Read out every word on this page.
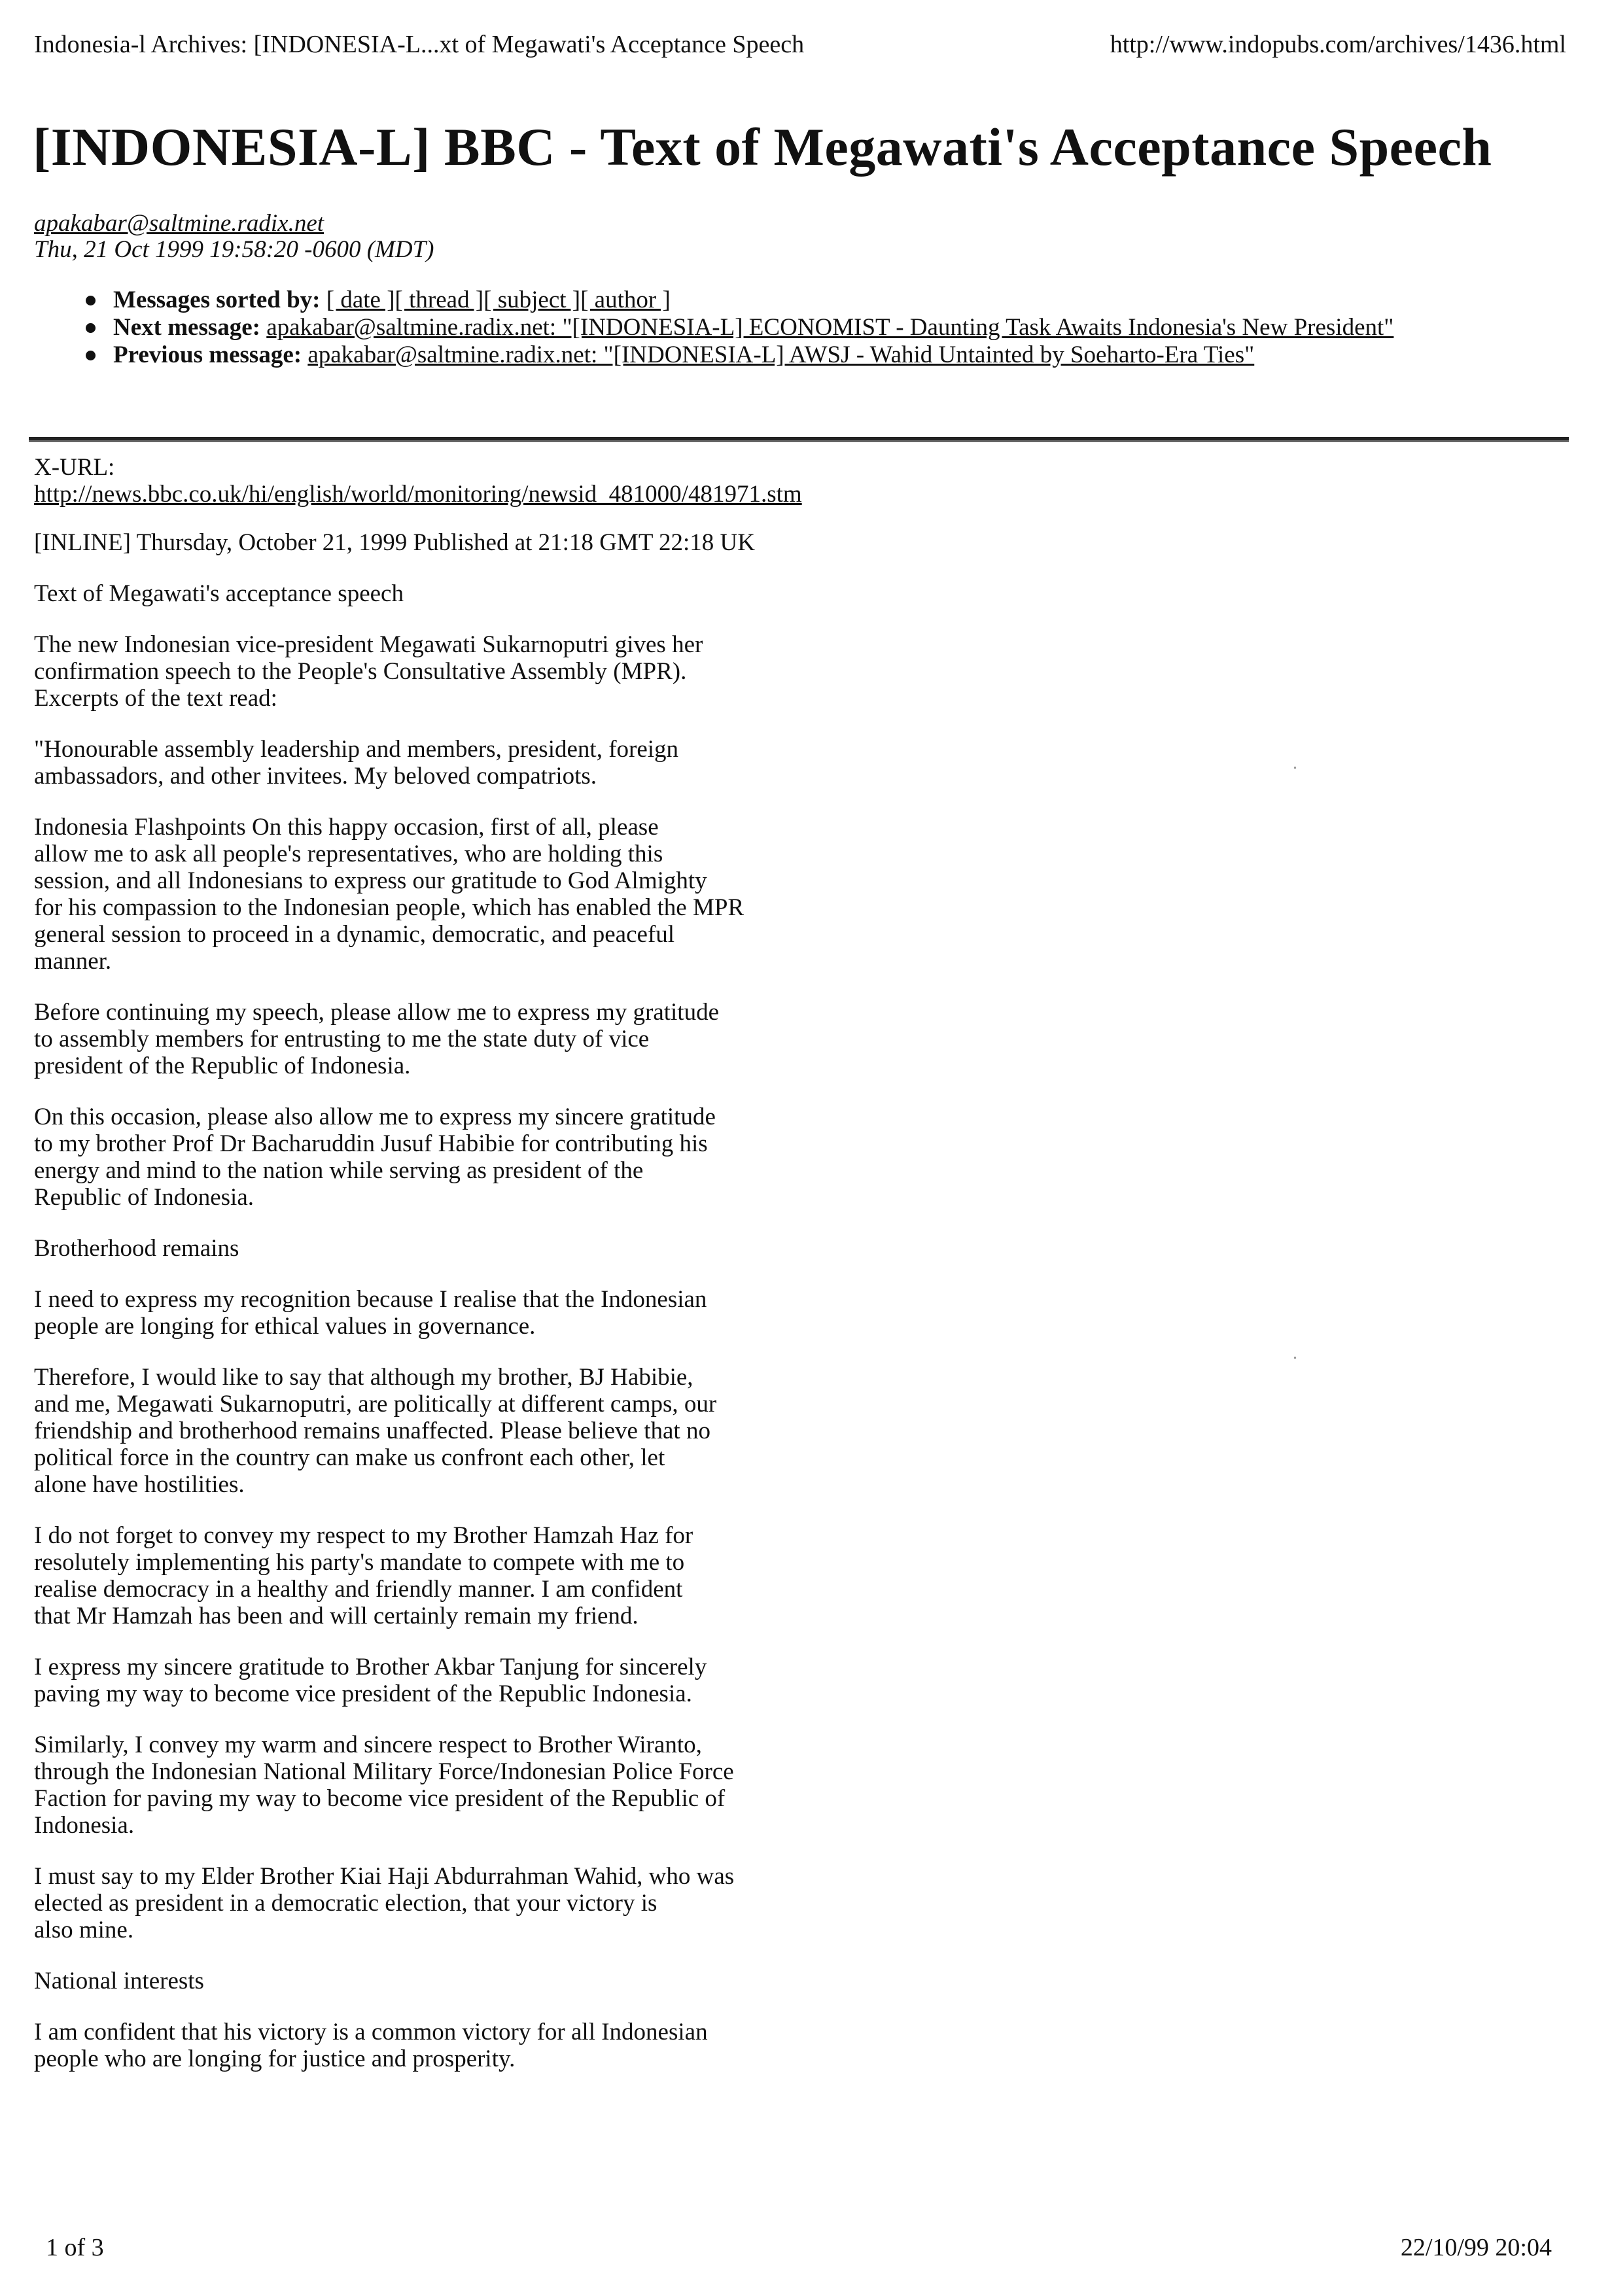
Indonesia-l Archives: [INDONESIA-L...xt of Megawati's Acceptance Speech	http://www.indopubs.com/archives/1436.html
[INDONESIA-L] BBC - Text of Megawati's Acceptance Speech
apakabar@saltmine.radix.net
Thu, 21 Oct 1999 19:58:20 -0600 (MDT)
Messages sorted by: [ date ][ thread ][ subject ][ author ]
Next message: apakabar@saltmine.radix.net: "[INDONESIA-L] ECONOMIST - Daunting Task Awaits Indonesia's New President"
Previous message: apakabar@saltmine.radix.net: "[INDONESIA-L] AWSJ - Wahid Untainted by Soeharto-Era Ties"

X-URL: http://news.bbc.co.uk/hi/english/world/monitoring/newsid_481000/481971.stm

[INLINE] Thursday, October 21, 1999 Published at 21:18 GMT 22:18 UK

Text of Megawati's acceptance speech

The new Indonesian vice-president Megawati Sukarnoputri gives her
confirmation speech to the People's Consultative Assembly (MPR).
Excerpts of the text read:

"Honourable assembly leadership and members, president, foreign
ambassadors, and other invitees. My beloved compatriots.

Indonesia Flashpoints On this happy occasion, first of all, please
allow me to ask all people's representatives, who are holding this
session, and all Indonesians to express our gratitude to God Almighty
for his compassion to the Indonesian people, which has enabled the MPR
general session to proceed in a dynamic, democratic, and peaceful
manner.

Before continuing my speech, please allow me to express my gratitude
to assembly members for entrusting to me the state duty of vice
president of the Republic of Indonesia.

On this occasion, please also allow me to express my sincere gratitude
to my brother Prof Dr Bacharuddin Jusuf Habibie for contributing his
energy and mind to the nation while serving as president of the
Republic of Indonesia.

Brotherhood remains

I need to express my recognition because I realise that the Indonesian
people are longing for ethical values in governance.

Therefore, I would like to say that although my brother, BJ Habibie,
and me, Megawati Sukarnoputri, are politically at different camps, our
friendship and brotherhood remains unaffected. Please believe that no
political force in the country can make us confront each other, let
alone have hostilities.

I do not forget to convey my respect to my Brother Hamzah Haz for
resolutely implementing his party's mandate to compete with me to
realise democracy in a healthy and friendly manner. I am confident
that Mr Hamzah has been and will certainly remain my friend.

I express my sincere gratitude to Brother Akbar Tanjung for sincerely
paving my way to become vice president of the Republic Indonesia.

Similarly, I convey my warm and sincere respect to Brother Wiranto,
through the Indonesian National Military Force/Indonesian Police Force
Faction for paving my way to become vice president of the Republic of
Indonesia.

I must say to my Elder Brother Kiai Haji Abdurrahman Wahid, who was
elected as president in a democratic election, that your victory is
also mine.

National interests

I am confident that his victory is a common victory for all Indonesian
people who are longing for justice and prosperity.

1 of 3	22/10/99 20:04
